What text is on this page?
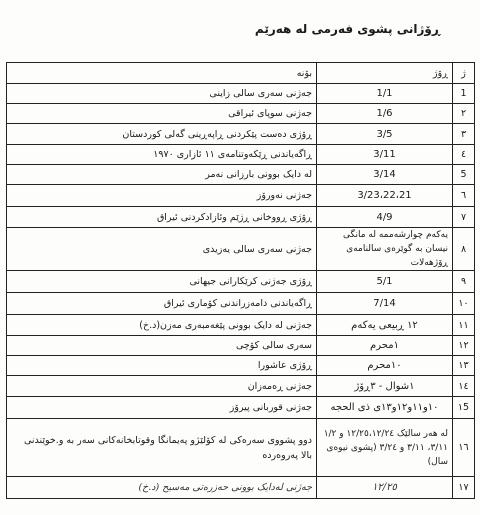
ڕۆژانی پشوی فەرمی لە هەرێم
ژ	ڕۆژ	بۆنە
1	1/1	جەژنی سەری سالی زاینی
٢	1/6	جەژنی سوپای ئیراقی
٣	3/5	ڕۆژی دەست پێکردنی ڕاپەڕینی گەلی کوردستان
٤	3/11	ڕاگەیاندنی ڕێکەوتنامەی ١١ ئازاری ١٩٧٠
5	3/14	لە دایک بوونی بارزانی نەمر
٦	3/23،22،21	جەژنی نەورۆز
٧	4/9	ڕۆژی ڕووخانی ڕژێم وئازادکردنی ئیراق
٨	یەکەم چوارشەممە لە مانگی نیسان بە گوێرەی سالنامەی ڕۆژهەلات	جەژنی سەری سالی یەزیدی
٩	5/1	ڕۆژی جەژنی کرێکارانی جیهانی
١٠	7/14	ڕاگەیاندنی دامەزراندنی کۆماری ئیراق
١١	١٢ ڕبیعی یەکەم	جەژنی لە دایک بوونی پێغەمبەری مەزن(د.خ)
١٢	١محرم	سەری سالی کۆچی
١٣	١٠محرم	ڕۆژی عاشورا
١٤	١شوال - ٣ڕۆژ	جەژنی ڕەمەزان
١5	١٠و١١و١٢و١٣ی ذی الحجه	جەژنی قوربانی پیرۆز
١٦	لە هەر سالێک ١٢/٢٥،١٢/٢٤ و ١/٢ ٣/١١، ٣/١١ و ٣/٢٤ (پشوی نیوەی سال)	دوو پشووی سەرەکی لە کۆلێژو پەیمانگا وقوتابخانەکانی سەر بە و.خوێندنی بالا پەروەردە
١٧	١٢/٢٥	جەژنی لەدایک بوونی حەزرەتی مەسیح (د.خ)
